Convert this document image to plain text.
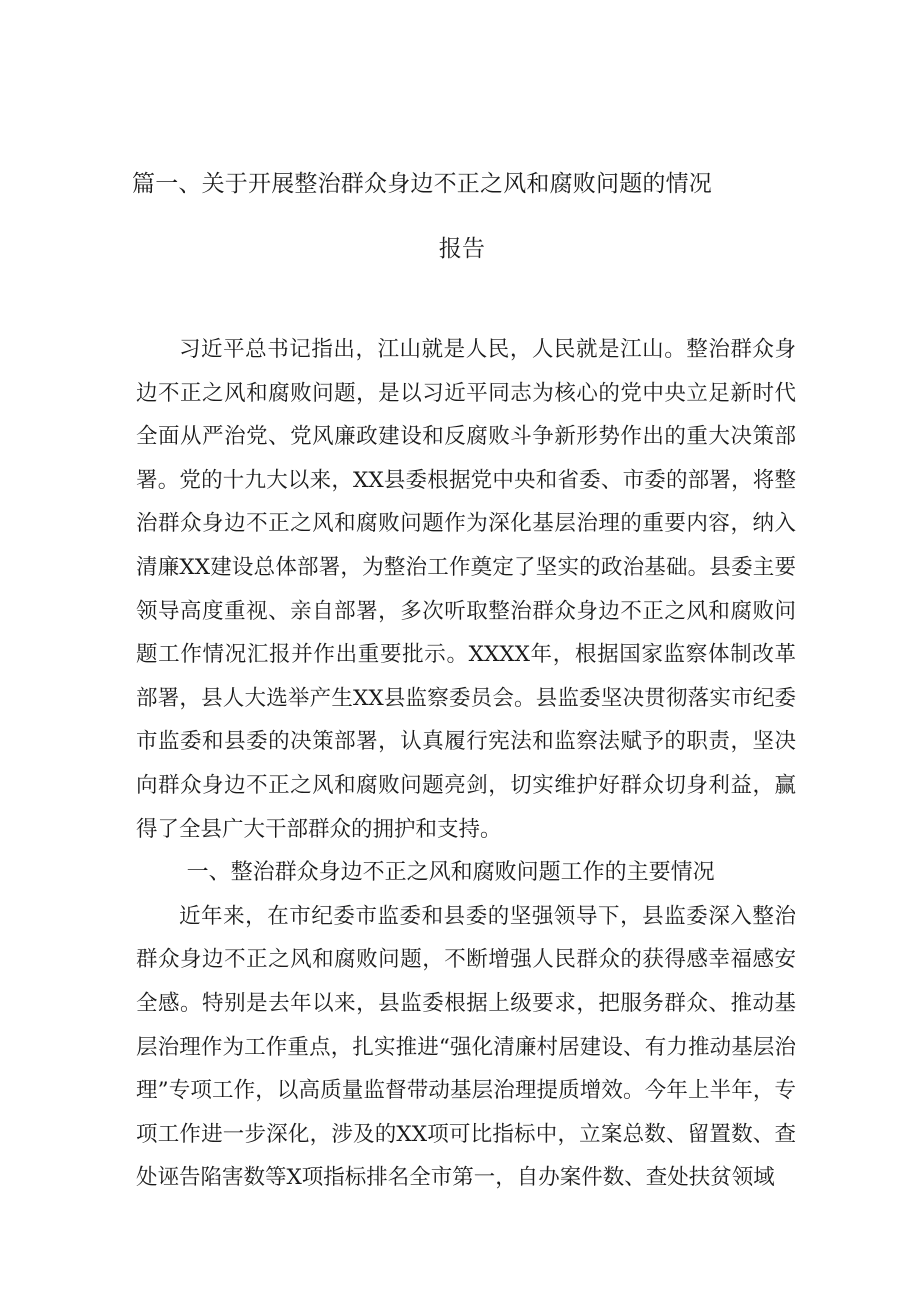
篇一、关于开展整治群众身边不正之风和腐败问题的情况
报告

习近平总书记指出，江山就是人民，人民就是江山。整治群众身边不正之风和腐败问题，是以习近平同志为核心的党中央立足新时代全面从严治党、党风廉政建设和反腐败斗争新形势作出的重大决策部署。党的十九大以来，XX县委根据党中央和省委、市委的部署，将整治群众身边不正之风和腐败问题作为深化基层治理的重要内容，纳入清廉XX建设总体部署，为整治工作奠定了坚实的政治基础。县委主要领导高度重视、亲自部署，多次听取整治群众身边不正之风和腐败问题工作情况汇报并作出重要批示。XXXX年，根据国家监察体制改革部署，县人大选举产生XX县监察委员会。县监委坚决贯彻落实市纪委市监委和县委的决策部署，认真履行宪法和监察法赋予的职责，坚决向群众身边不正之风和腐败问题亮剑，切实维护好群众切身利益，赢得了全县广大干部群众的拥护和支持。

一、整治群众身边不正之风和腐败问题工作的主要情况

近年来，在市纪委市监委和县委的坚强领导下，县监委深入整治群众身边不正之风和腐败问题，不断增强人民群众的获得感幸福感安全感。特别是去年以来，县监委根据上级要求，把服务群众、推动基层治理作为工作重点，扎实推进“强化清廉村居建设、有力推动基层治理”专项工作，以高质量监督带动基层治理提质增效。今年上半年，专项工作进一步深化，涉及的XX项可比指标中，立案总数、留置数、查处诬告陷害数等X项指标排名全市第一，自办案件数、查处扶贫领域
